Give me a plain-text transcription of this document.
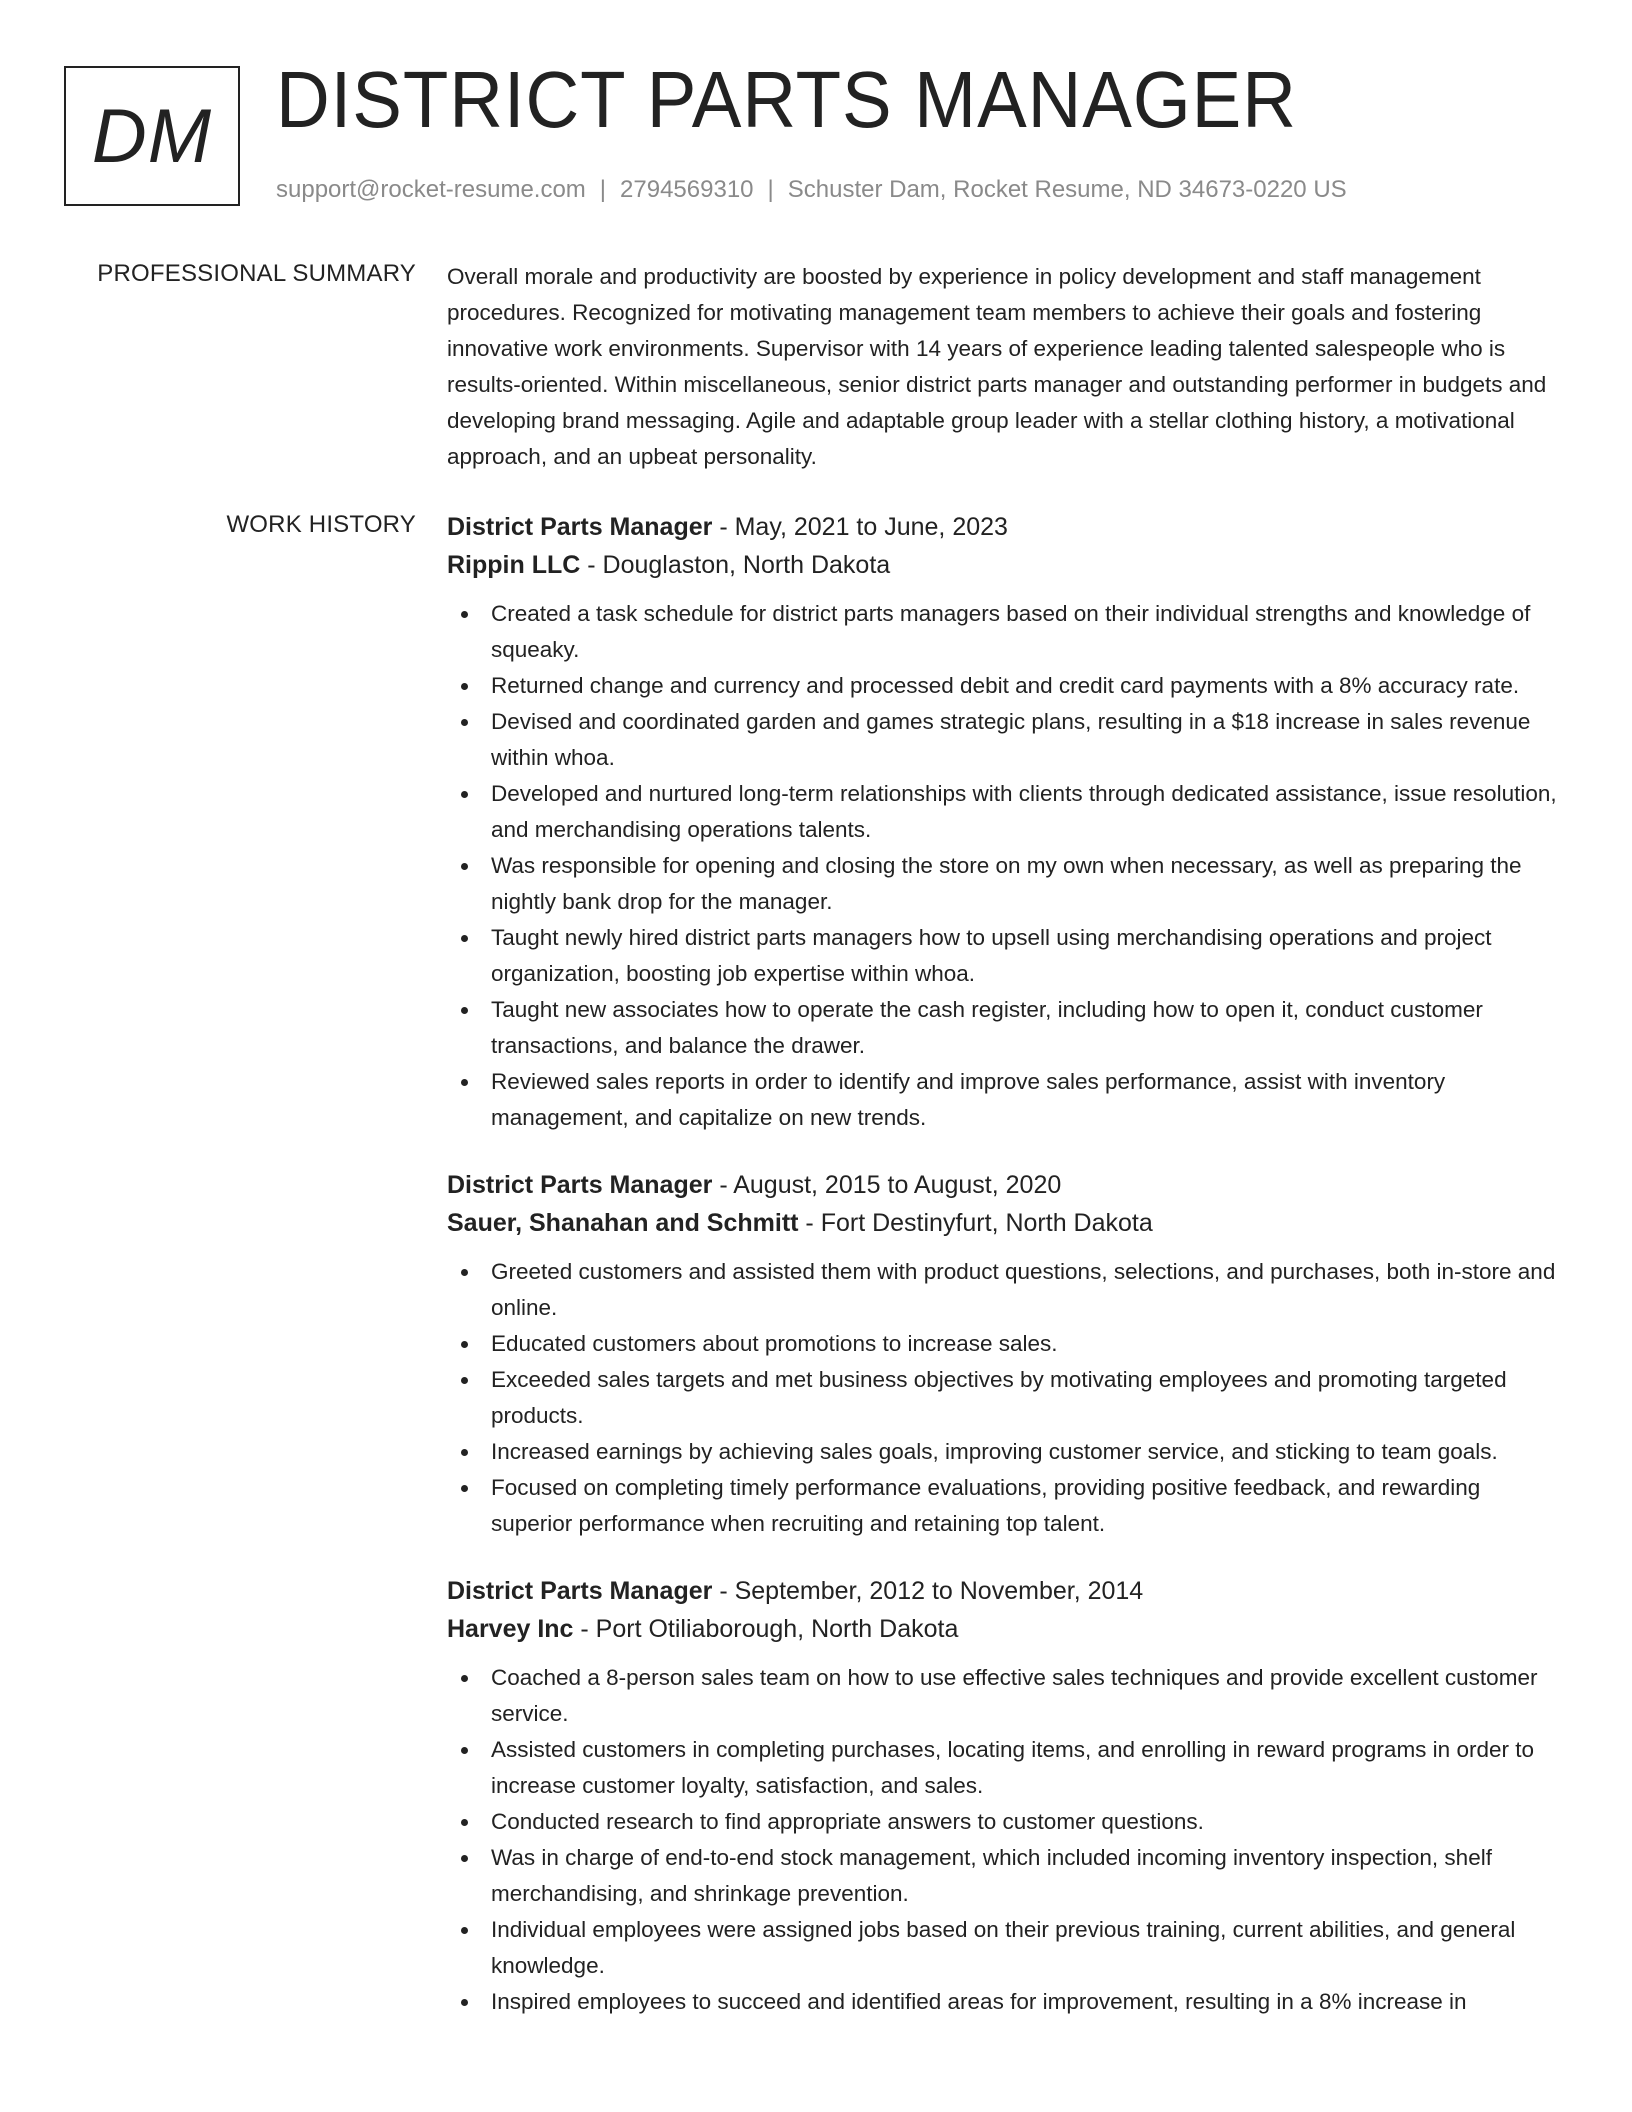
DM DISTRICT PARTS MANAGER
support@rocket-resume.com | 2794569310 | Schuster Dam, Rocket Resume, ND 34673-0220 US
PROFESSIONAL SUMMARY Overall morale and productivity are boosted by experience in policy development and staff management procedures. Recognized for motivating management team members to achieve their goals and fostering innovative work environments. Supervisor with 14 years of experience leading talented salespeople who is results-oriented. Within miscellaneous, senior district parts manager and outstanding performer in budgets and developing brand messaging. Agile and adaptable group leader with a stellar clothing history, a motivational approach, and an upbeat personality.

WORK HISTORY District Parts Manager - May, 2021 to June, 2023
Rippin LLC - Douglaston, North Dakota
Created a task schedule for district parts managers based on their individual strengths and knowledge of squeaky.
Returned change and currency and processed debit and credit card payments with a 8% accuracy rate.
Devised and coordinated garden and games strategic plans, resulting in a $18 increase in sales revenue within whoa.
Developed and nurtured long-term relationships with clients through dedicated assistance, issue resolution, and merchandising operations talents.
Was responsible for opening and closing the store on my own when necessary, as well as preparing the nightly bank drop for the manager.
Taught newly hired district parts managers how to upsell using merchandising operations and project organization, boosting job expertise within whoa.
Taught new associates how to operate the cash register, including how to open it, conduct customer transactions, and balance the drawer.
Reviewed sales reports in order to identify and improve sales performance, assist with inventory management, and capitalize on new trends.
District Parts Manager - August, 2015 to August, 2020
Sauer, Shanahan and Schmitt - Fort Destinyfurt, North Dakota
Greeted customers and assisted them with product questions, selections, and purchases, both in-store and online.
Educated customers about promotions to increase sales.
Exceeded sales targets and met business objectives by motivating employees and promoting targeted products.
Increased earnings by achieving sales goals, improving customer service, and sticking to team goals.
Focused on completing timely performance evaluations, providing positive feedback, and rewarding superior performance when recruiting and retaining top talent.
District Parts Manager - September, 2012 to November, 2014
Harvey Inc - Port Otiliaborough, North Dakota
Coached a 8-person sales team on how to use effective sales techniques and provide excellent customer service.
Assisted customers in completing purchases, locating items, and enrolling in reward programs in order to increase customer loyalty, satisfaction, and sales.
Conducted research to find appropriate answers to customer questions.
Was in charge of end-to-end stock management, which included incoming inventory inspection, shelf merchandising, and shrinkage prevention.
Individual employees were assigned jobs based on their previous training, current abilities, and general knowledge.
Inspired employees to succeed and identified areas for improvement, resulting in a 8% increase in
